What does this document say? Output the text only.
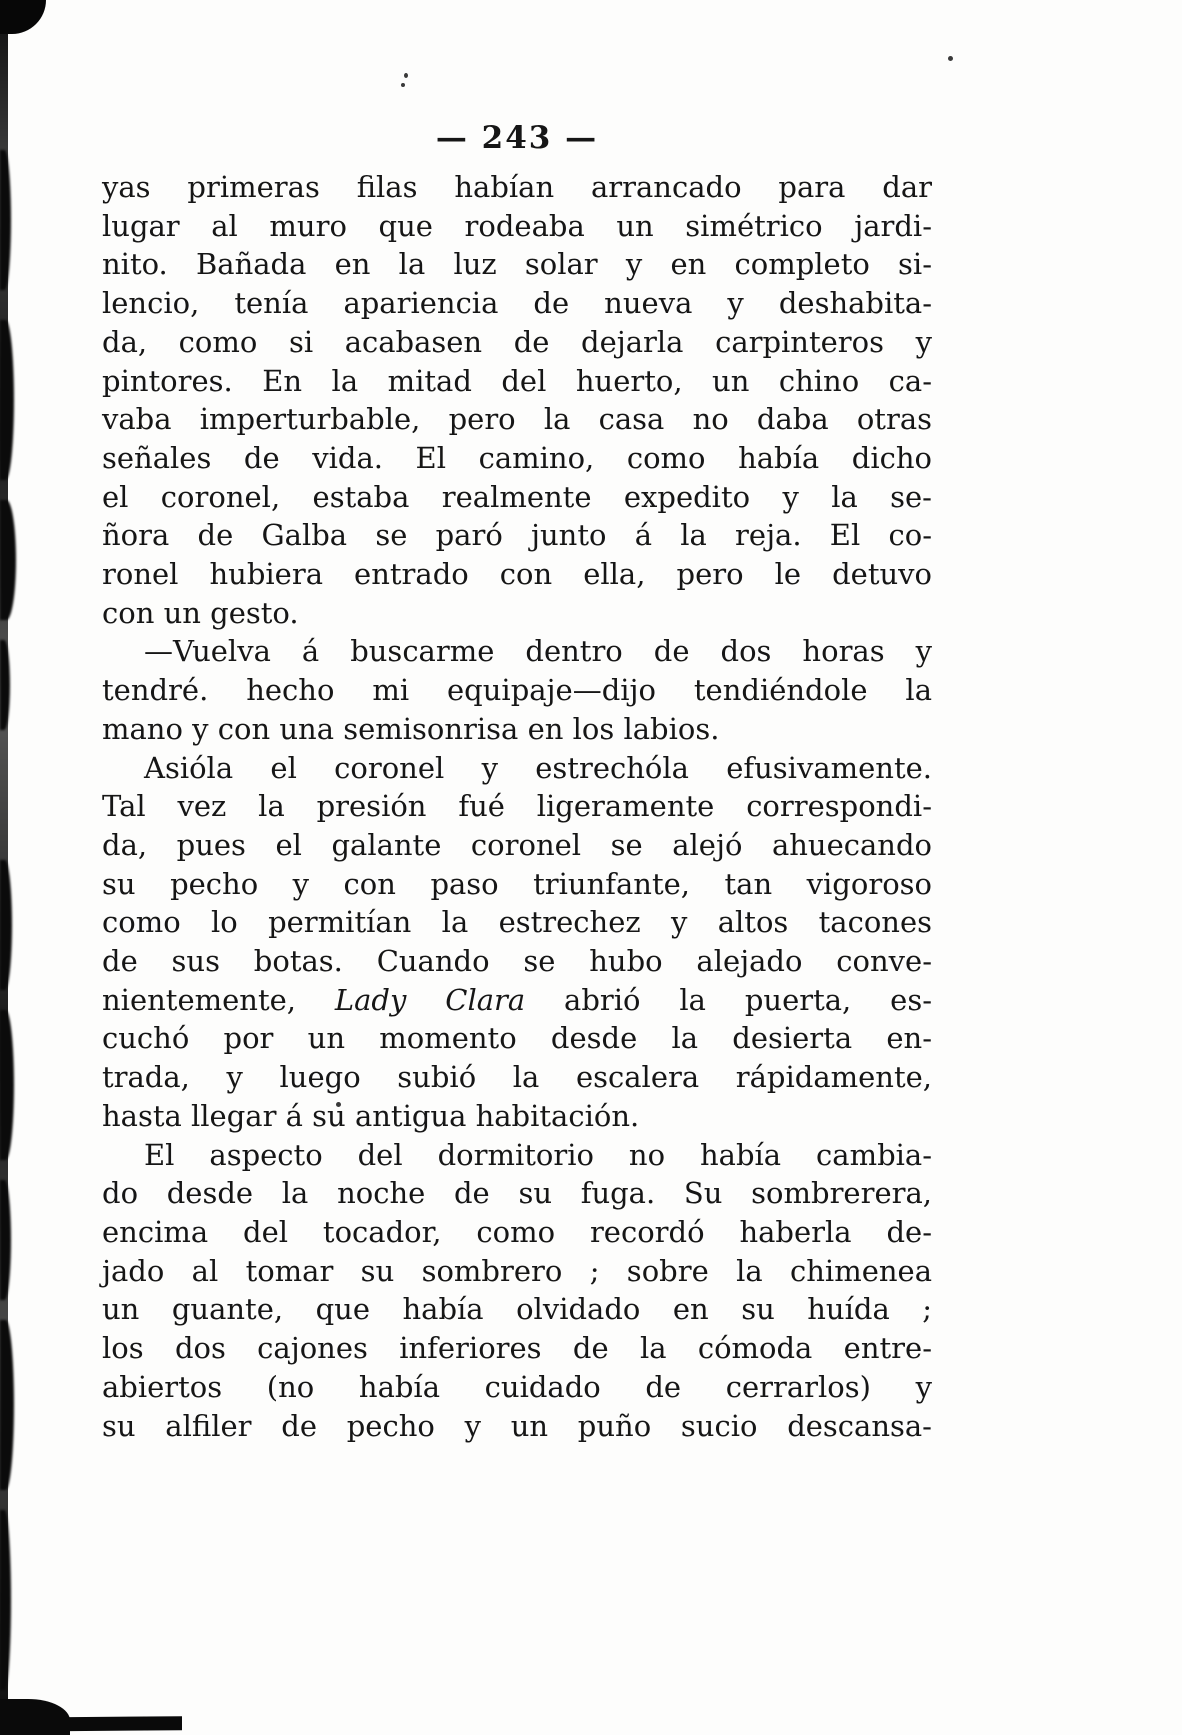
— 243 —
yas primeras filas habían arrancado para dar
lugar al muro que rodeaba un simétrico jardi-
nito. Bañada en la luz solar y en completo si-
lencio, tenía apariencia de nueva y deshabita-
da, como si acabasen de dejarla carpinteros y
pintores. En la mitad del huerto, un chino ca-
vaba imperturbable, pero la casa no daba otras
señales de vida. El camino, como había dicho
el coronel, estaba realmente expedito y la se-
ñora de Galba se paró junto á la reja. El co-
ronel hubiera entrado con ella, pero le detuvo
con un gesto.
—Vuelva á buscarme dentro de dos horas y
tendré. hecho mi equipaje—dijo tendiéndole la
mano y con una semisonrisa en los labios.
Asióla el coronel y estrechóla efusivamente.
Tal vez la presión fué ligeramente correspondi-
da, pues el galante coronel se alejó ahuecando
su pecho y con paso triunfante, tan vigoroso
como lo permitían la estrechez y altos tacones
de sus botas. Cuando se hubo alejado conve-
nientemente, Lady Clara abrió la puerta, es-
cuchó por un momento desde la desierta en-
trada, y luego subió la escalera rápidamente,
hasta llegar á su antigua habitación.
El aspecto del dormitorio no había cambia-
do desde la noche de su fuga. Su sombrerera,
encima del tocador, como recordó haberla de-
jado al tomar su sombrero ; sobre la chimenea
un guante, que había olvidado en su huída ;
los dos cajones inferiores de la cómoda entre-
abiertos (no había cuidado de cerrarlos) y
su alfiler de pecho y un puño sucio descansa-
